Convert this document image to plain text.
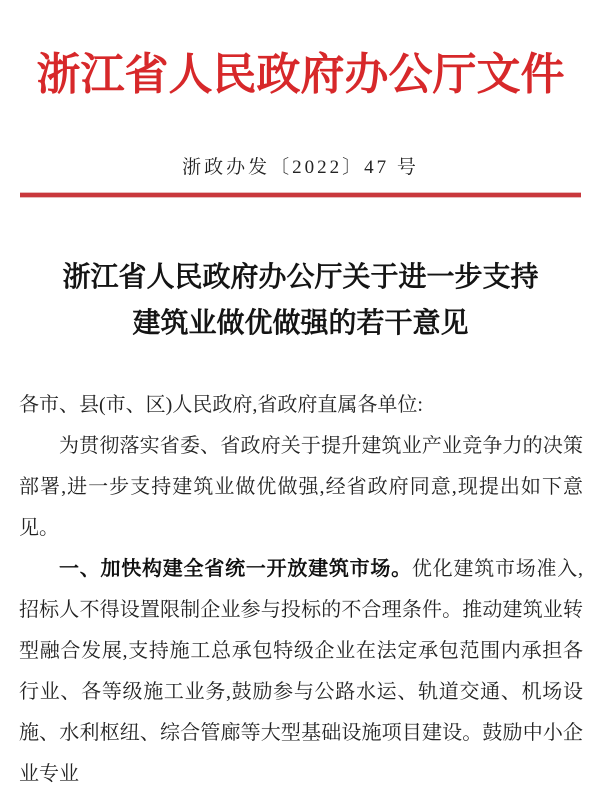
浙江省人民政府办公厅文件
浙政办发〔2022〕47 号
浙江省人民政府办公厅关于进一步支持
建筑业做优做强的若干意见

各市、县(市、区)人民政府,省政府直属各单位:

为贯彻落实省委、省政府关于提升建筑业产业竞争力的决策部署,进一步支持建筑业做优做强,经省政府同意,现提出如下意见。

一、加快构建全省统一开放建筑市场。优化建筑市场准入,招标人不得设置限制企业参与投标的不合理条件。推动建筑业转型融合发展,支持施工总承包特级企业在法定承包范围内承担各行业、各等级施工业务,鼓励参与公路水运、轨道交通、机场设施、水利枢纽、综合管廊等大型基础设施项目建设。鼓励中小企业专业
